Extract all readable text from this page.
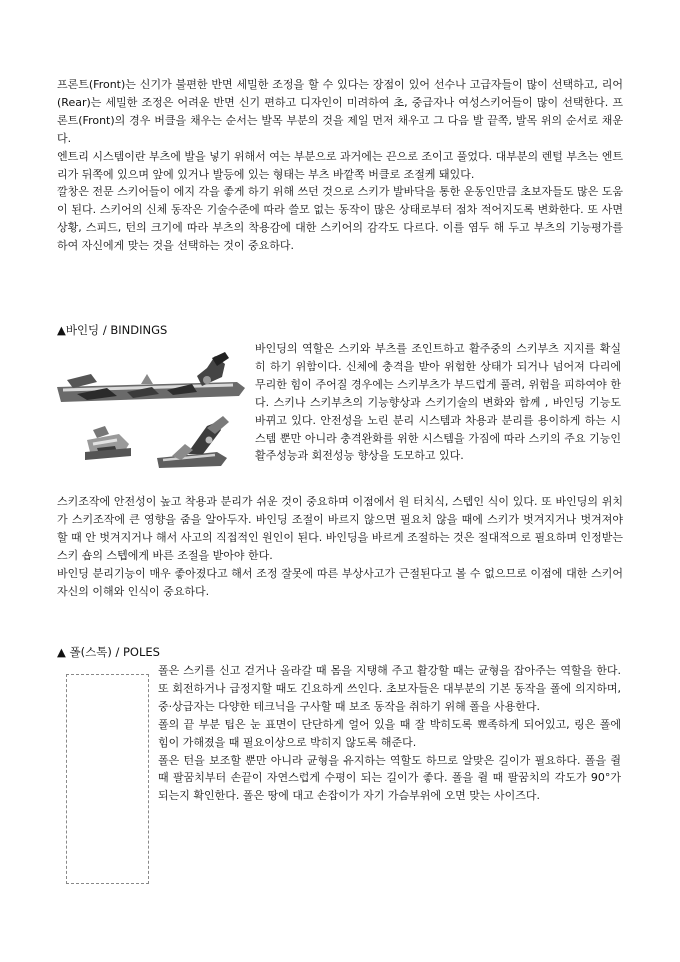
프론트(Front)는 신기가 불편한 반면 세밀한 조정을 할 수 있다는 장점이 있어 선수나 고급자들이 많이 선택하고, 리어(Rear)는 세밀한 조정은 어려운 반면 신기 편하고 디자인이 미려하여 초, 중급자나 여성스키어들이 많이 선택한다. 프론트(Front)의 경우 버클을 채우는 순서는 발목 부분의 것을 제일 먼저 채우고 그 다음 발 끝쪽, 발목 위의 순서로 채운다.

엔트리 시스템이란 부츠에 발을 넣기 위해서 여는 부분으로 과거에는 끈으로 조이고 풀었다. 대부분의 렌털 부츠는 엔트리가 뒤쪽에 있으며 앞에 있거나 발등에 있는 형태는 부츠 바깥쪽 버클로 조절케 돼있다.

깔창은 전문 스키어들이 에지 각을 좋게 하기 위해 쓰던 것으로 스키가 발바닥을 통한 운동인만큼 초보자들도 많은 도움이 된다. 스키어의 신체 동작은 기술수준에 따라 쓸모 없는 동작이 많은 상태로부터 점차 적어지도록 변화한다. 또 사면상황, 스피드, 턴의 크기에 따라 부츠의 착용감에 대한 스키어의 감각도 다르다. 이를 염두 해 두고 부츠의 기능평가를 하여 자신에게 맞는 것을 선택하는 것이 중요하다.

▲바인딩 / BINDINGS
바인딩의 역할은 스키와 부츠를 조인트하고 활주중의 스키부츠 지지를 확실히 하기 위함이다. 신체에 충격을 받아 위험한 상태가 되거나 넘어져 다리에 무리한 힘이 주어질 경우에는 스키부츠가 부드럽게 풀려, 위험을 피하여야 한다. 스키나 스키부츠의 기능향상과 스키기술의 변화와 함께 , 바인딩 기능도 바뀌고 있다. 안전성을 노린 분리 시스템과 차용과 분리를 용이하게 하는 시스템 뿐만 아니라 충격완화를 위한 시스템을 가짐에 따라 스키의 주요 기능인 활주성능과 회전성능 향상을 도모하고 있다.

스키조작에 안전성이 높고 착용과 분리가 쉬운 것이 중요하며 이점에서 원 터치식, 스텝인 식이 있다. 또 바인딩의 위치가 스키조작에 큰 영향을 줌을 알아두자. 바인딩 조절이 바르지 않으면 필요치 않을 때에 스키가 벗겨지거나 벗겨져야 할 때 안 벗겨지거나 해서 사고의 직접적인 원인이 된다. 바인딩을 바르게 조절하는 것은 절대적으로 필요하며 인정받는 스키 숍의 스텝에게 바른 조절을 받아야 한다.

바인딩 분리기능이 매우 좋아졌다고 해서 조정 잘못에 따른 부상사고가 근절된다고 볼 수 없으므로 이점에 대한 스키어 자신의 이해와 인식이 중요하다.

▲ 폴(스톡) / POLES

폴은 스키를 신고 걷거나 올라갈 때 몸을 지탱해 주고 활강할 때는 균형을 잡아주는 역할을 한다. 또 회전하거나 급정지할 때도 긴요하게 쓰인다. 초보자들은 대부분의 기본 동작을 폴에 의지하며, 중·상급자는 다양한 테크닉을 구사할 때 보조 동작을 취하기 위해 폴을 사용한다.

폴의 끝 부분 팁은 눈 표면이 단단하게 얼어 있을 때 잘 박히도록 뾰족하게 되어있고, 링은 폴에 힘이 가해졌을 때 필요이상으로 박히지 않도록 해준다.

폴은 턴을 보조할 뿐만 아니라 균형을 유지하는 역할도 하므로 알맞은 길이가 필요하다. 폴을 쥘 때 팔꿈치부터 손끝이 자연스럽게 수평이 되는 길이가 좋다. 폴을 쥘 때 팔꿈치의 각도가 90°가 되는지 확인한다. 폴은 땅에 대고 손잡이가 자기 가슴부위에 오면 맞는 사이즈다.
